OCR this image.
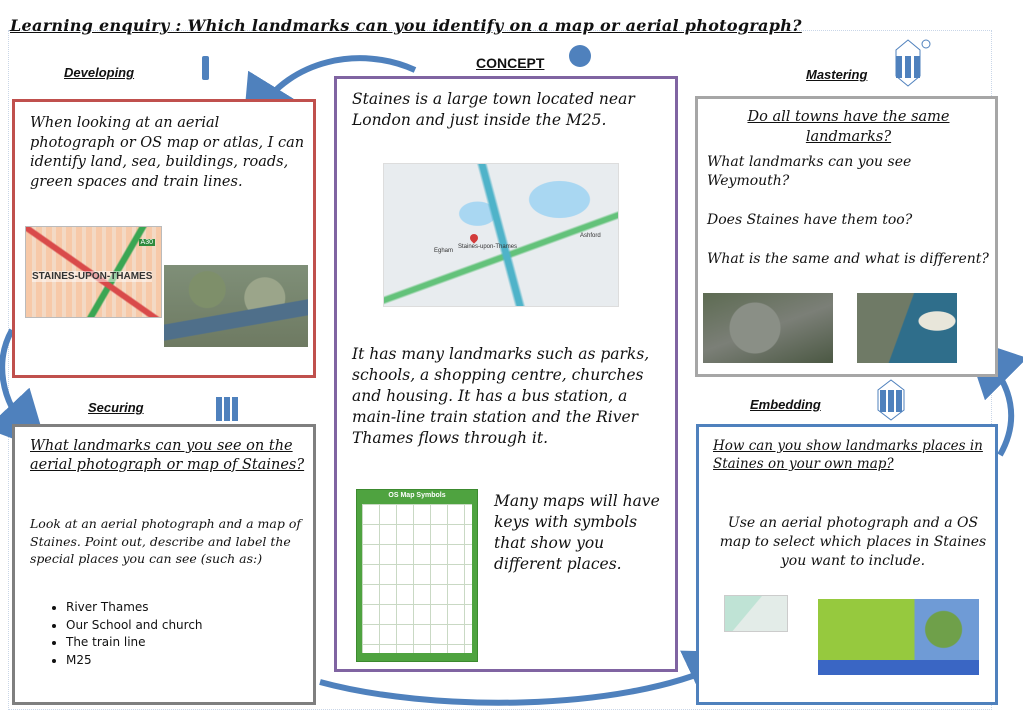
Learning enquiry : Which landmarks can you identify on a map or aerial photograph?
Developing
CONCEPT
Mastering
Securing	Embedding
When looking at an aerial photograph or OS map or atlas, I can identify land, sea, buildings, roads, green spaces and train lines.
STAINES-UPON-THAMES
A30
Staines is a large town located near London and just inside the M25.
Staines-upon-Thames
Egham
Ashford
It has many landmarks such as parks, schools, a shopping centre, churches and housing. It has a bus station, a main-line train station and the River Thames flows through it.
OS Map Symbols	Many maps will have keys with symbols that show you different places.
Do all towns have the same landmarks?
What landmarks can you see Weymouth?
Does Staines have them too?
What is the same and what is different?
What landmarks can you see on the aerial photograph or map of Staines?
Look at an aerial photograph and a map of Staines. Point out, describe and label the special places you can see (such as:)
• River Thames
• Our School and church
• The train line
• M25
How can you show landmarks places in Staines on your own map?
Use an aerial photograph and a OS map to select which places in Staines you want to include.
